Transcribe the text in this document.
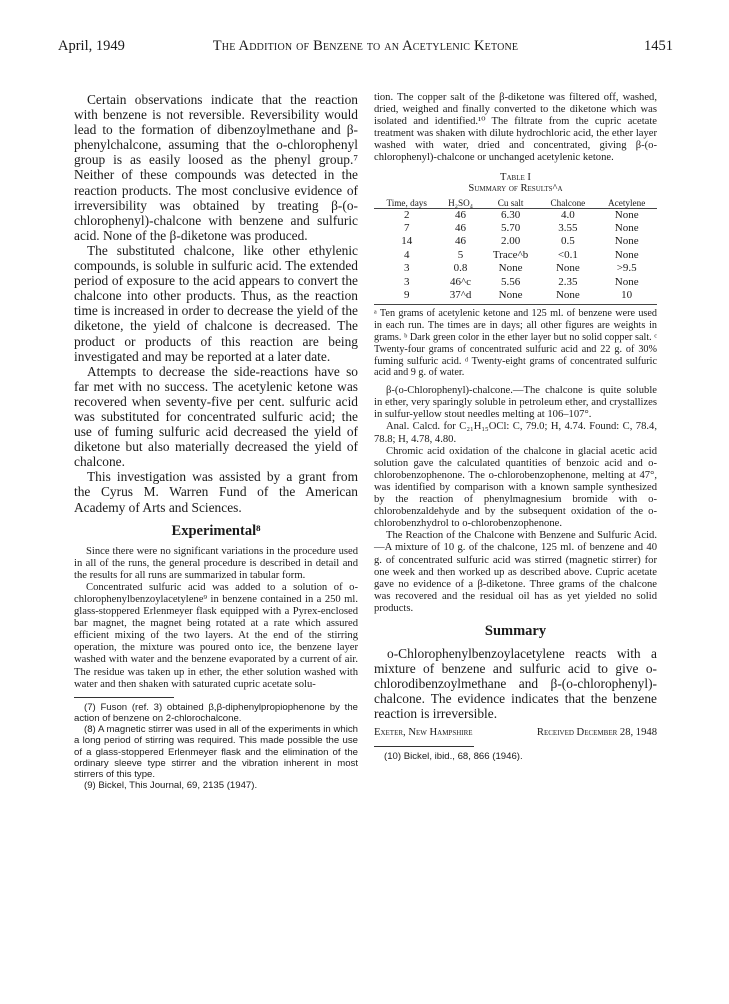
April, 1949	The Addition of Benzene to an Acetylenic Ketone	1451

Certain observations indicate that the reaction with benzene is not reversible. Reversibility would lead to the formation of dibenzoylmethane and β-phenylchalcone, assuming that the o-chlorophenyl group is as easily loosed as the phenyl group.⁷ Neither of these compounds was detected in the reaction products. The most conclusive evidence of irreversibility was obtained by treating β-(o-chlorophenyl)-chalcone with benzene and sulfuric acid. None of the β-diketone was produced.

The substituted chalcone, like other ethylenic compounds, is soluble in sulfuric acid. The extended period of exposure to the acid appears to convert the chalcone into other products. Thus, as the reaction time is increased in order to decrease the yield of the diketone, the yield of chalcone is decreased. The product or products of this reaction are being investigated and may be reported at a later date.

Attempts to decrease the side-reactions have so far met with no success. The acetylenic ketone was recovered when seventy-five per cent. sulfuric acid was substituted for concentrated sulfuric acid; the use of fuming sulfuric acid decreased the yield of diketone but also materially decreased the yield of chalcone.

This investigation was assisted by a grant from the Cyrus M. Warren Fund of the American Academy of Arts and Sciences.

Experimental⁸

Since there were no significant variations in the procedure used in all of the runs, the general procedure is described in detail and the results for all runs are summarized in tabular form.

Concentrated sulfuric acid was added to a solution of o-chlorophenylbenzoylacetylene⁹ in benzene contained in a 250 ml. glass-stoppered Erlenmeyer flask equipped with a Pyrex-enclosed bar magnet, the magnet being rotated at a rate which assured efficient mixing of the two layers. At the end of the stirring operation, the mixture was poured onto ice, the benzene layer washed with water and the benzene evaporated by a current of air. The residue was taken up in ether, the ether solution washed with water and then shaken with saturated cupric acetate solu-

(7) Fuson (ref. 3) obtained β,β-diphenylpropiophenone by the action of benzene on 2-chlorochalcone.

(8) A magnetic stirrer was used in all of the experiments in which a long period of stirring was required. This made possible the use of a glass-stoppered Erlenmeyer flask and the elimination of the ordinary sleeve type stirrer and the vibration inherent in most stirrers of this type.

(9) Bickel, This Journal, 69, 2135 (1947).

tion. The copper salt of the β-diketone was filtered off, washed, dried, weighed and finally converted to the diketone which was isolated and identified.¹⁰ The filtrate from the cupric acetate treatment was shaken with dilute hydrochloric acid, the ether layer washed with water, dried and concentrated, giving β-(o-chlorophenyl)-chalcone or unchanged acetylenic ketone.

Table I
Summary of Results^a
Time, days	H₂SO₄	Cu salt	Chalcone	Acetylene
2	46	6.30	4.0	None
7	46	5.70	3.55	None
14	46	2.00	0.5	None
4	5	Trace^b	<0.1	None
3	0.8	None	None	>9.5
3	46^c	5.56	2.35	None
9	37^d	None	None	10

ᵃ Ten grams of acetylenic ketone and 125 ml. of benzene were used in each run. The times are in days; all other figures are weights in grams. ᵇ Dark green color in the ether layer but no solid copper salt. ᶜ Twenty-four grams of concentrated sulfuric acid and 22 g. of 30% fuming sulfuric acid. ᵈ Twenty-eight grams of concentrated sulfuric acid and 9 g. of water.

β-(o-Chlorophenyl)-chalcone.—The chalcone is quite soluble in ether, very sparingly soluble in petroleum ether, and crystallizes in sulfur-yellow stout needles melting at 106–107°.

Anal. Calcd. for C₂₁H₁₅OCl: C, 79.0; H, 4.74. Found: C, 78.4, 78.8; H, 4.78, 4.80.

Chromic acid oxidation of the chalcone in glacial acetic acid solution gave the calculated quantities of benzoic acid and o-chlorobenzophenone. The o-chlorobenzophenone, melting at 47°, was identified by comparison with a known sample synthesized by the reaction of phenylmagnesium bromide with o-chlorobenzaldehyde and by the subsequent oxidation of the o-chlorobenzhydrol to o-chlorobenzophenone.

The Reaction of the Chalcone with Benzene and Sulfuric Acid.—A mixture of 10 g. of the chalcone, 125 ml. of benzene and 40 g. of concentrated sulfuric acid was stirred (magnetic stirrer) for one week and then worked up as described above. Cupric acetate gave no evidence of a β-diketone. Three grams of the chalcone was recovered and the residual oil has as yet yielded no solid products.

Summary

o-Chlorophenylbenzoylacetylene reacts with a mixture of benzene and sulfuric acid to give o-chlorodibenzoylmethane and β-(o-chlorophenyl)-chalcone. The evidence indicates that the benzene reaction is irreversible.

Exeter, New Hampshire	Received December 28, 1948

(10) Bickel, ibid., 68, 866 (1946).
